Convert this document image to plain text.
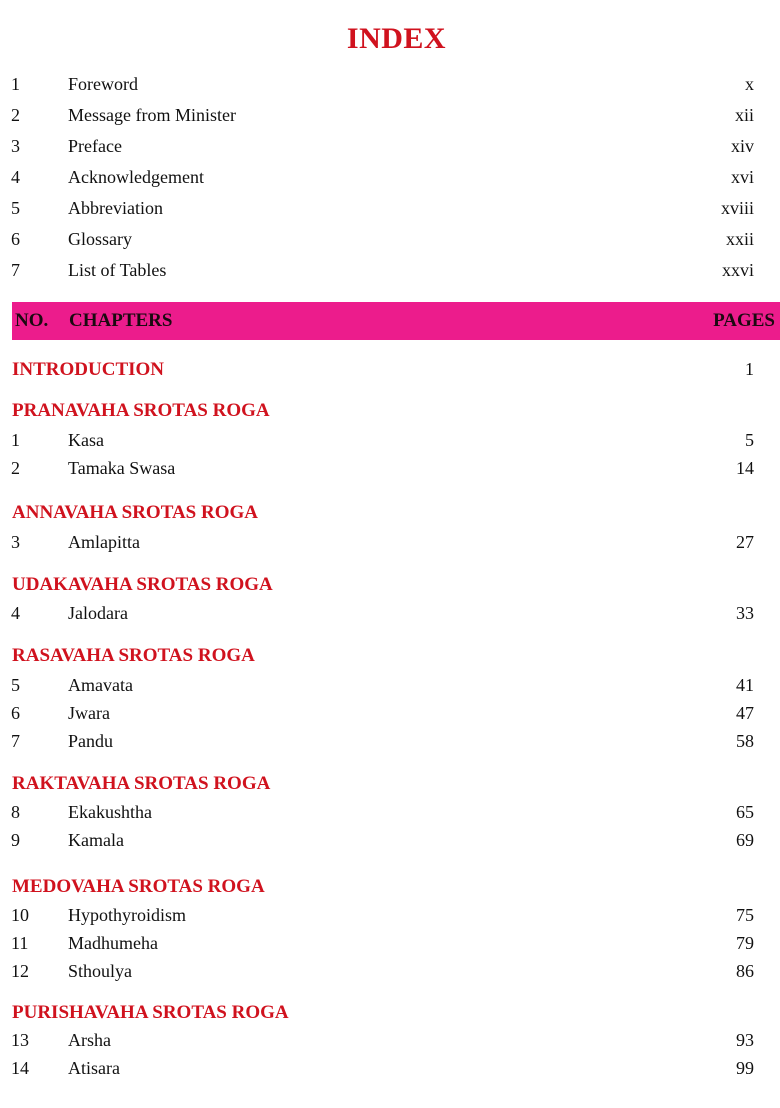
INDEX
1	Foreword	x
2	Message from Minister	xii
3	Preface	xiv
4	Acknowledgement	xvi
5	Abbreviation	xviii
6	Glossary	xxii
7	List of Tables	xxvi
NO. CHAPTERS	PAGES
INTRODUCTION	1
PRANAVAHA SROTAS ROGA
1	Kasa	5
2	Tamaka Swasa	14
ANNAVAHA SROTAS ROGA
3	Amlapitta	27
UDAKAVAHA SROTAS ROGA
4	Jalodara	33
RASAVAHA SROTAS ROGA
5	Amavata	41
6	Jwara	47
7	Pandu	58
RAKTAVAHA SROTAS ROGA
8	Ekakushtha	65
9	Kamala	69
MEDOVAHA SROTAS ROGA
10 Hypothyroidism	75
11 Madhumeha	79
12 Sthoulya	86
PURISHAVAHA SROTAS ROGA
13 Arsha	93
14 Atisara	99
